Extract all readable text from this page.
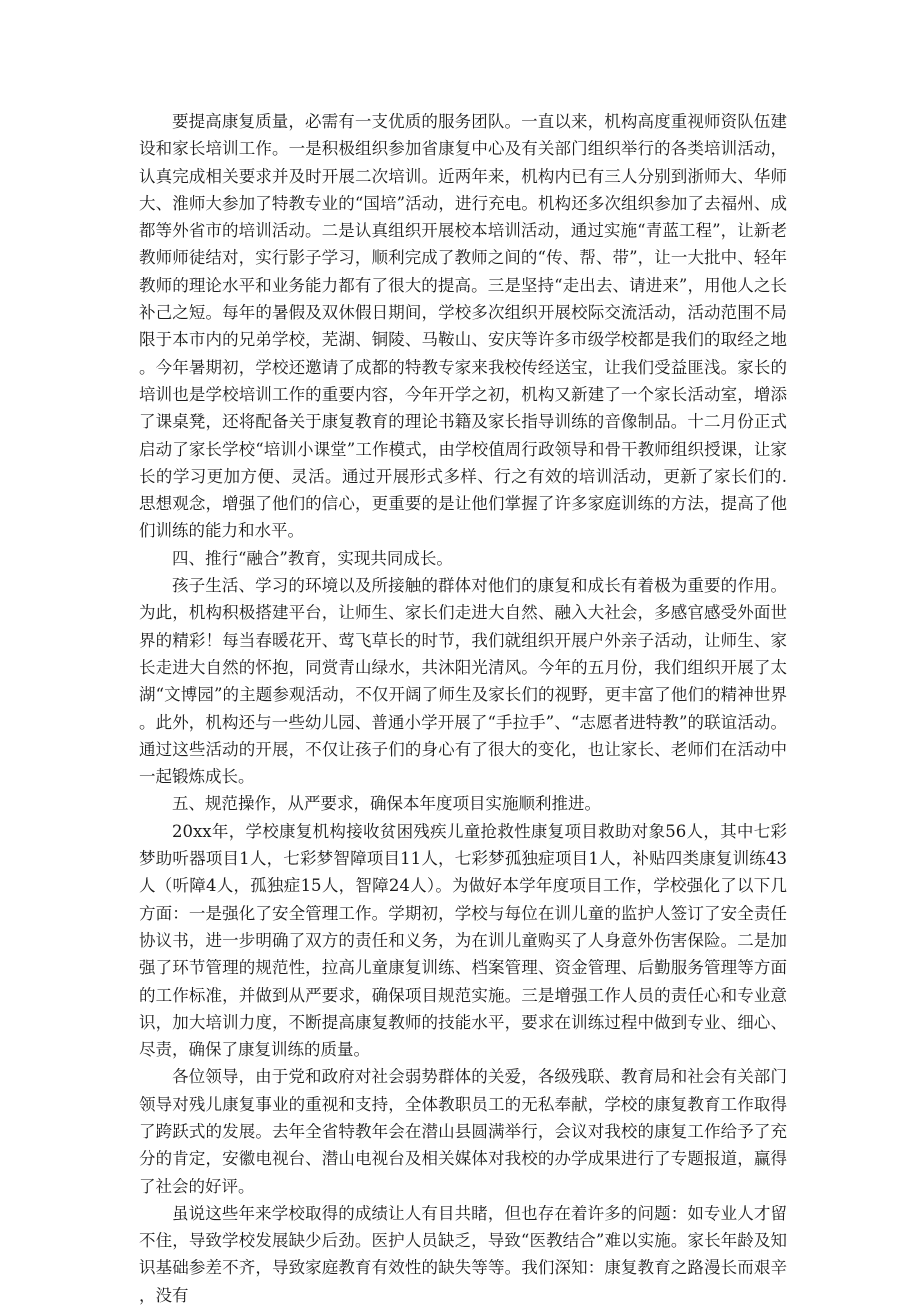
要提高康复质量，必需有一支优质的服务团队。一直以来，机构高度重视师资队伍建设和家长培训工作。一是积极组织参加省康复中心及有关部门组织举行的各类培训活动，认真完成相关要求并及时开展二次培训。近两年来，机构内已有三人分别到浙师大、华师大、淮师大参加了特教专业的“国培”活动，进行充电。机构还多次组织参加了去福州、成都等外省市的培训活动。二是认真组织开展校本培训活动，通过实施“青蓝工程”，让新老教师师徒结对，实行影子学习，顺利完成了教师之间的“传、帮、带”，让一大批中、轻年教师的理论水平和业务能力都有了很大的提高。三是坚持“走出去、请进来”，用他人之长补己之短。每年的暑假及双休假日期间，学校多次组织开展校际交流活动，活动范围不局限于本市内的兄弟学校，芜湖、铜陵、马鞍山、安庆等许多市级学校都是我们的取经之地。今年暑期初，学校还邀请了成都的特教专家来我校传经送宝，让我们受益匪浅。家长的培训也是学校培训工作的重要内容，今年开学之初，机构又新建了一个家长活动室，增添了课桌凳，还将配备关于康复教育的理论书籍及家长指导训练的音像制品。十二月份正式启动了家长学校“培训小课堂”工作模式，由学校值周行政领导和骨干教师组织授课，让家长的学习更加方便、灵活。通过开展形式多样、行之有效的培训活动，更新了家长们的.思想观念，增强了他们的信心，更重要的是让他们掌握了许多家庭训练的方法，提高了他们训练的能力和水平。

四、推行“融合”教育，实现共同成长。

孩子生活、学习的环境以及所接触的群体对他们的康复和成长有着极为重要的作用。为此，机构积极搭建平台，让师生、家长们走进大自然、融入大社会，多感官感受外面世界的精彩！每当春暖花开、莺飞草长的时节，我们就组织开展户外亲子活动，让师生、家长走进大自然的怀抱，同赏青山绿水，共沐阳光清风。今年的五月份，我们组织开展了太湖“文博园”的主题参观活动，不仅开阔了师生及家长们的视野，更丰富了他们的精神世界。此外，机构还与一些幼儿园、普通小学开展了“手拉手”、“志愿者进特教”的联谊活动。通过这些活动的开展，不仅让孩子们的身心有了很大的变化，也让家长、老师们在活动中一起锻炼成长。

五、规范操作，从严要求，确保本年度项目实施顺利推进。

20xx年，学校康复机构接收贫困残疾儿童抢救性康复项目救助对象56人，其中七彩梦助听器项目1人，七彩梦智障项目11人，七彩梦孤独症项目1人，补贴四类康复训练43人（听障4人，孤独症15人，智障24人）。为做好本学年度项目工作，学校强化了以下几方面：一是强化了安全管理工作。学期初，学校与每位在训儿童的监护人签订了安全责任协议书，进一步明确了双方的责任和义务，为在训儿童购买了人身意外伤害保险。二是加强了环节管理的规范性，拉高儿童康复训练、档案管理、资金管理、后勤服务管理等方面的工作标准，并做到从严要求，确保项目规范实施。三是增强工作人员的责任心和专业意识，加大培训力度，不断提高康复教师的技能水平，要求在训练过程中做到专业、细心、尽责，确保了康复训练的质量。

各位领导，由于党和政府对社会弱势群体的关爱，各级残联、教育局和社会有关部门领导对残儿康复事业的重视和支持，全体教职员工的无私奉献，学校的康复教育工作取得了跨跃式的发展。去年全省特教年会在潜山县圆满举行，会议对我校的康复工作给予了充分的肯定，安徽电视台、潜山电视台及相关媒体对我校的办学成果进行了专题报道，赢得了社会的好评。

虽说这些年来学校取得的成绩让人有目共睹，但也存在着许多的问题：如专业人才留不住，导致学校发展缺少后劲。医护人员缺乏，导致“医教结合”难以实施。家长年龄及知识基础参差不齐，导致家庭教育有效性的缺失等等。我们深知：康复教育之路漫长而艰辛，没有
